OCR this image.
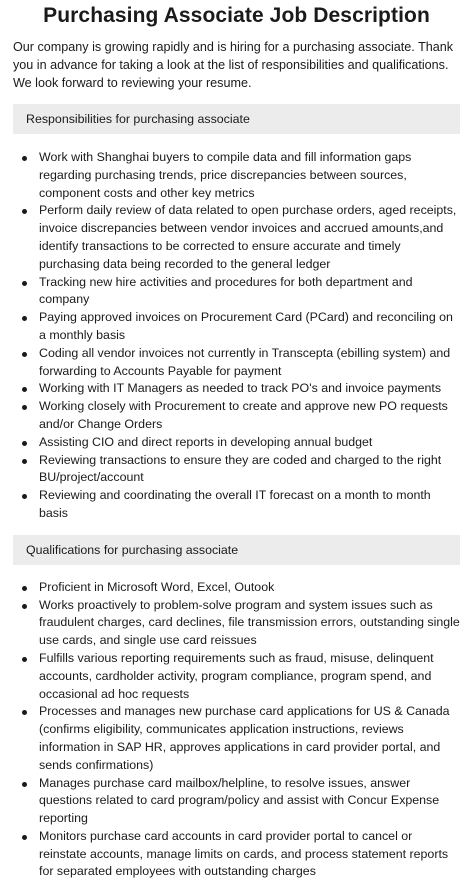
Purchasing Associate Job Description

Our company is growing rapidly and is hiring for a purchasing associate. Thank you in advance for taking a look at the list of responsibilities and qualifications. We look forward to reviewing your resume.

Responsibilities for purchasing associate
Work with Shanghai buyers to compile data and fill information gaps regarding purchasing trends, price discrepancies between sources, component costs and other key metrics
Perform daily review of data related to open purchase orders, aged receipts, invoice discrepancies between vendor invoices and accrued amounts,and identify transactions to be corrected to ensure accurate and timely purchasing data being recorded to the general ledger
Tracking new hire activities and procedures for both department and company
Paying approved invoices on Procurement Card (PCard) and reconciling on a monthly basis
Coding all vendor invoices not currently in Transcepta (ebilling system) and forwarding to Accounts Payable for payment
Working with IT Managers as needed to track PO's and invoice payments
Working closely with Procurement to create and approve new PO requests and/or Change Orders
Assisting CIO and direct reports in developing annual budget
Reviewing transactions to ensure they are coded and charged to the right BU/project/account
Reviewing and coordinating the overall IT forecast on a month to month basis
Qualifications for purchasing associate
Proficient in Microsoft Word, Excel, Outook
Works proactively to problem-solve program and system issues such as fraudulent charges, card declines, file transmission errors, outstanding single use cards, and single use card reissues
Fulfills various reporting requirements such as fraud, misuse, delinquent accounts, cardholder activity, program compliance, program spend, and occasional ad hoc requests
Processes and manages new purchase card applications for US & Canada (confirms eligibility, communicates application instructions, reviews information in SAP HR, approves applications in card provider portal, and sends confirmations)
Manages purchase card mailbox/helpline, to resolve issues, answer questions related to card program/policy and assist with Concur Expense reporting
Monitors purchase card accounts in card provider portal to cancel or reinstate accounts, manage limits on cards, and process statement reports for separated employees with outstanding charges
